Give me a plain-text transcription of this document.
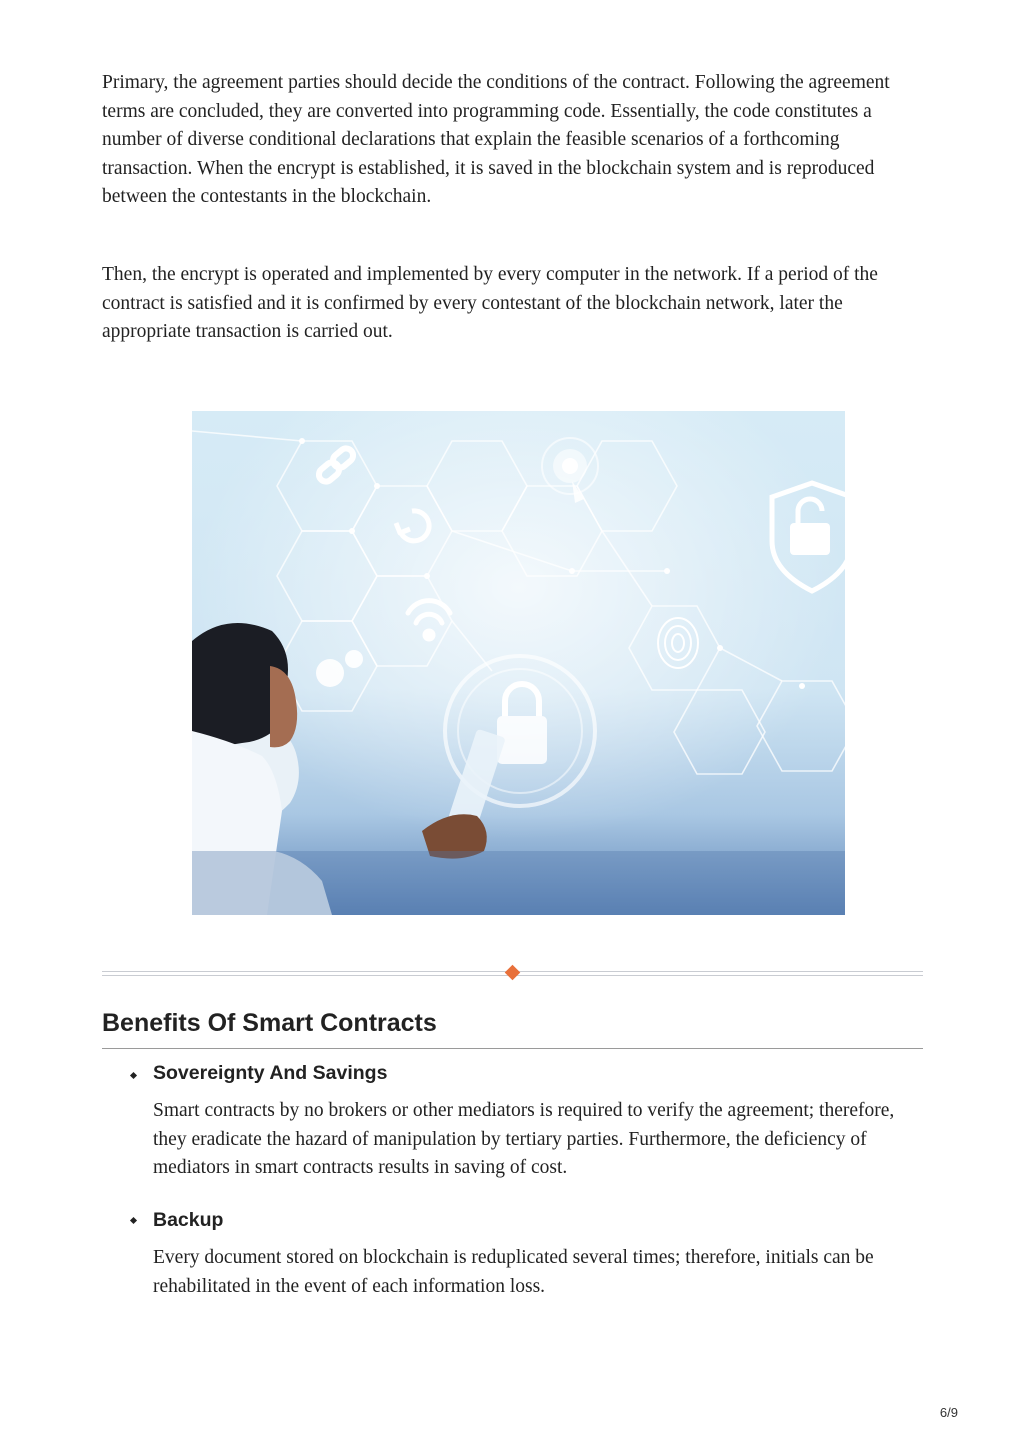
Primary, the agreement parties should decide the conditions of the contract. Following the agreement terms are concluded, they are converted into programming code. Essentially, the code constitutes a number of diverse conditional declarations that explain the feasible scenarios of a forthcoming transaction. When the encrypt is established, it is saved in the blockchain system and is reproduced between the contestants in the blockchain.

Then, the encrypt is operated and implemented by every computer in the network. If a period of the contract is satisfied and it is confirmed by every contestant of the blockchain network, later the appropriate transaction is carried out.

Benefits Of Smart Contracts
Sovereignty And Savings

Smart contracts by no brokers or other mediators is required to verify the agreement; therefore, they eradicate the hazard of manipulation by tertiary parties. Furthermore, the deficiency of mediators in smart contracts results in saving of cost.

Backup

Every document stored on blockchain is reduplicated several times; therefore, initials can be rehabilitated in the event of each information loss.

6/9
